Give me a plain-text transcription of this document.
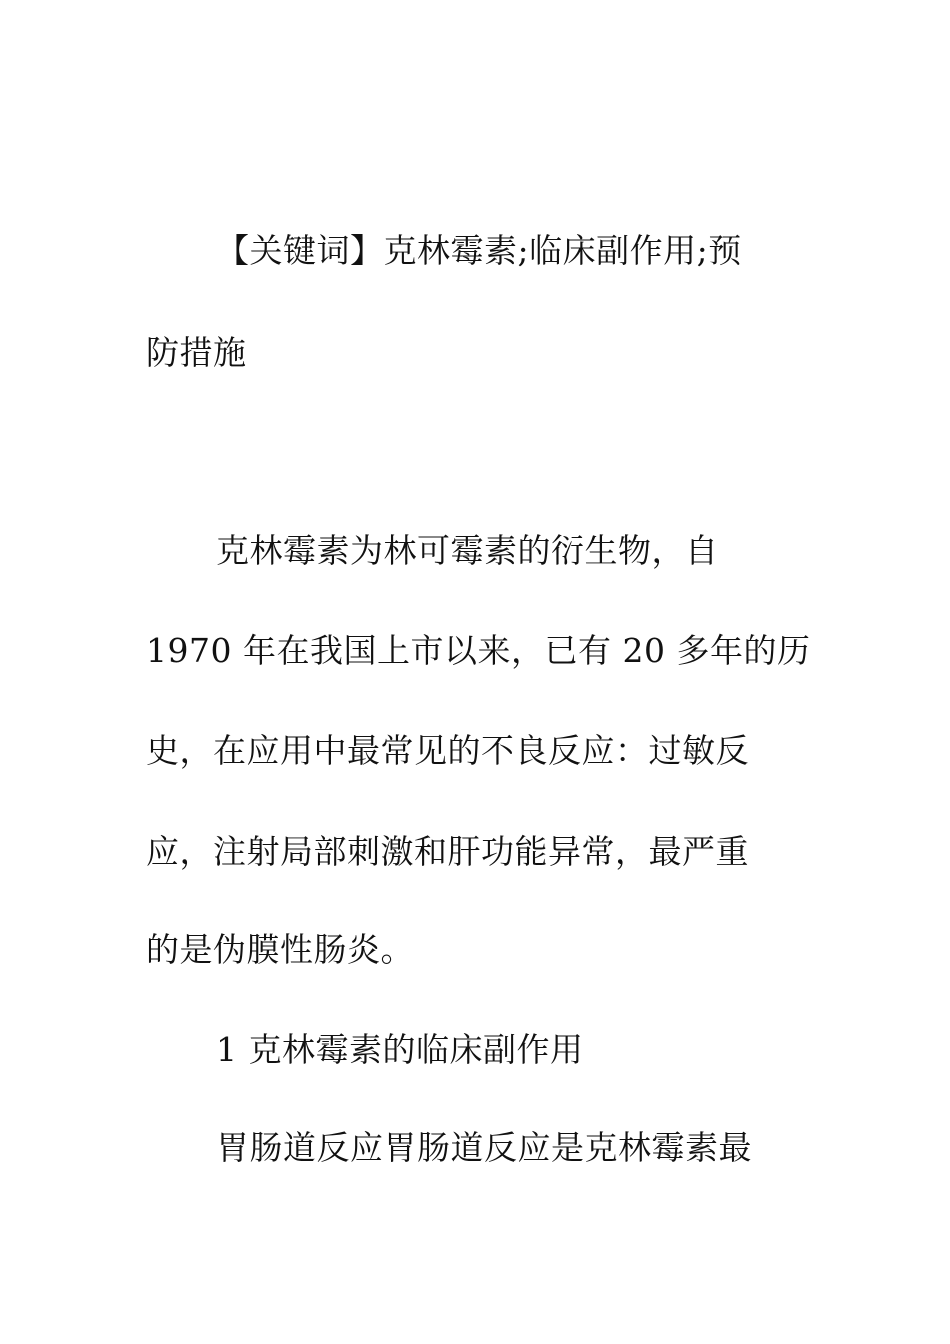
【关键词】克林霉素;临床副作用;预
防措施
克林霉素为林可霉素的衍生物，自
1970 年在我国上市以来，已有 20 多年的历
史，在应用中最常见的不良反应：过敏反
应，注射局部刺激和肝功能异常，最严重
的是伪膜性肠炎。
1 克林霉素的临床副作用
胃肠道反应胃肠道反应是克林霉素最
